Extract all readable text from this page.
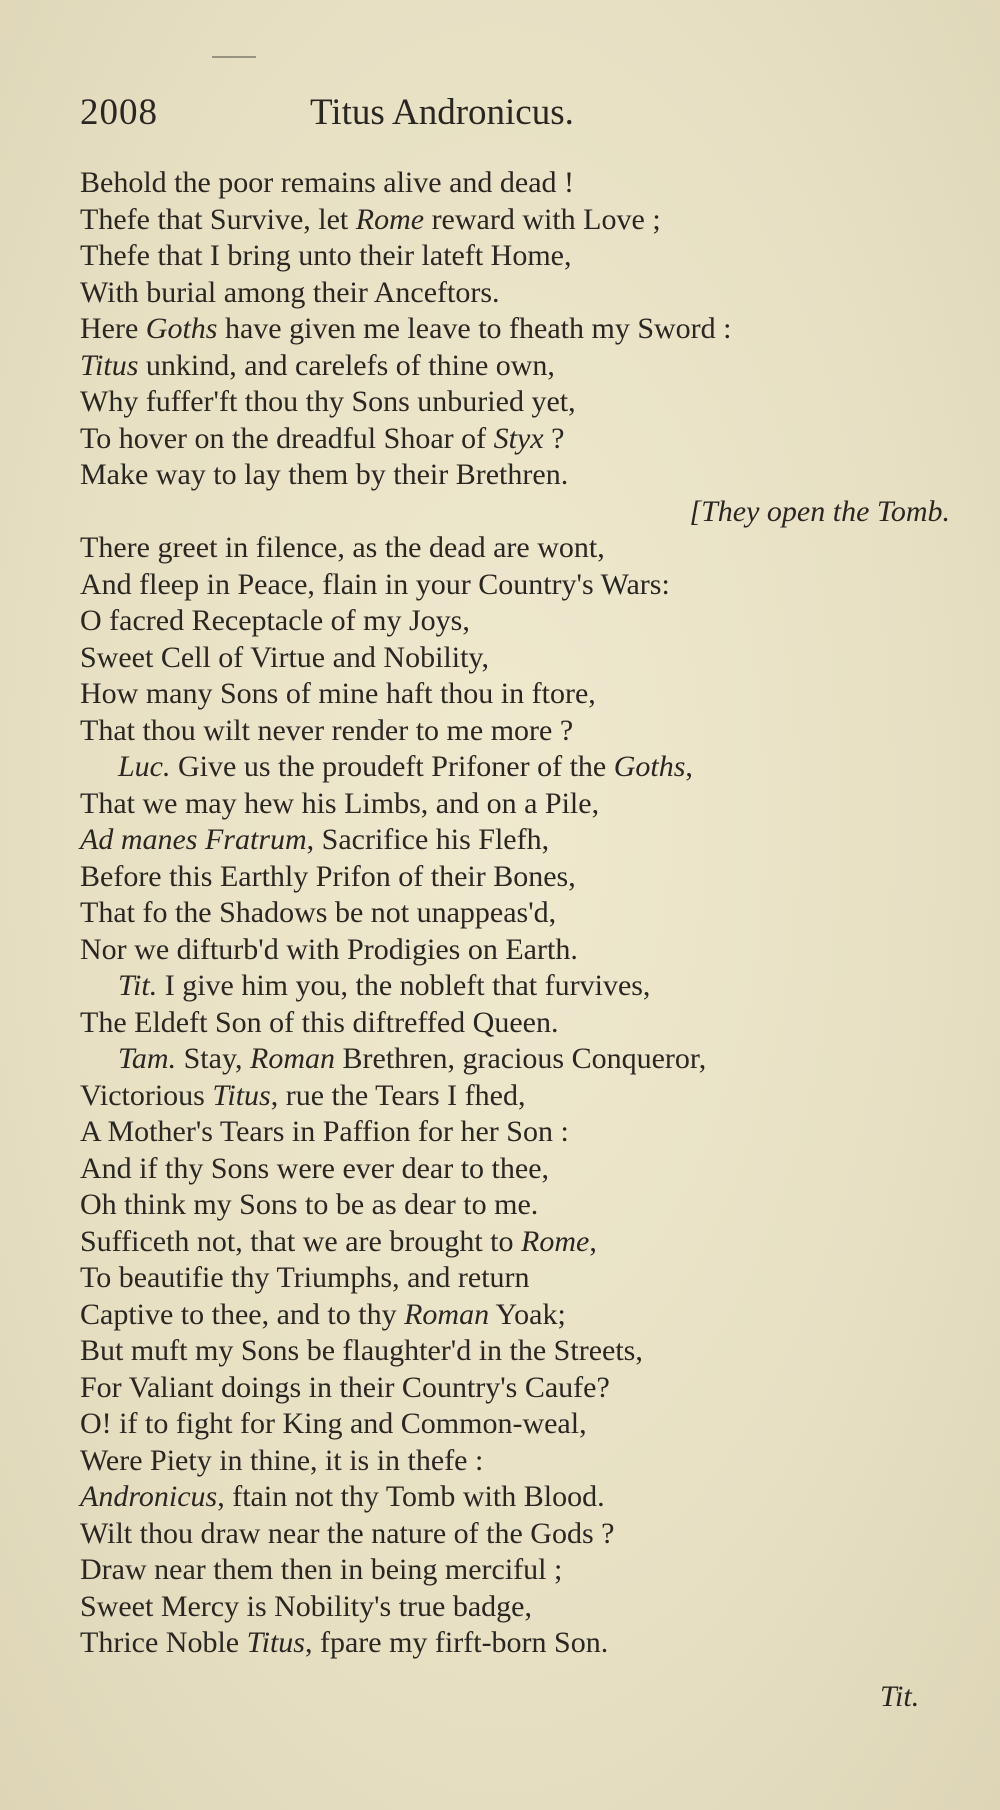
2008	Titus Andronicus.
Behold the poor remains alive and dead !
Thefe that Survive, let Rome reward with Love ;
Thefe that I bring unto their lateft Home,
With burial among their Anceftors.
Here Goths have given me leave to fheath my Sword :
Titus unkind, and carelefs of thine own,
Why fuffer'ft thou thy Sons unburied yet,
To hover on the dreadful Shoar of Styx ?
Make way to lay them by their Brethren.
[They open the Tomb.
There greet in filence, as the dead are wont,
And fleep in Peace, flain in your Country's Wars:
O facred Receptacle of my Joys,
Sweet Cell of Virtue and Nobility,
How many Sons of mine haft thou in ftore,
That thou wilt never render to me more ?
Luc. Give us the proudeft Prifoner of the Goths,
That we may hew his Limbs, and on a Pile,
Ad manes Fratrum, Sacrifice his Flefh,
Before this Earthly Prifon of their Bones,
That fo the Shadows be not unappeas'd,
Nor we difturb'd with Prodigies on Earth.
Tit. I give him you, the nobleft that furvives,
The Eldeft Son of this diftreffed Queen.
Tam. Stay, Roman Brethren, gracious Conqueror,
Victorious Titus, rue the Tears I fhed,
A Mother's Tears in Paffion for her Son :
And if thy Sons were ever dear to thee,
Oh think my Sons to be as dear to me.
Sufficeth not, that we are brought to Rome,
To beautifie thy Triumphs, and return
Captive to thee, and to thy Roman Yoak;
But muft my Sons be flaughter'd in the Streets,
For Valiant doings in their Country's Caufe?
O! if to fight for King and Common-weal,
Were Piety in thine, it is in thefe :
Andronicus, ftain not thy Tomb with Blood.
Wilt thou draw near the nature of the Gods ?
Draw near them then in being merciful ;
Sweet Mercy is Nobility's true badge,
Thrice Noble Titus, fpare my firft-born Son.
Tit.
